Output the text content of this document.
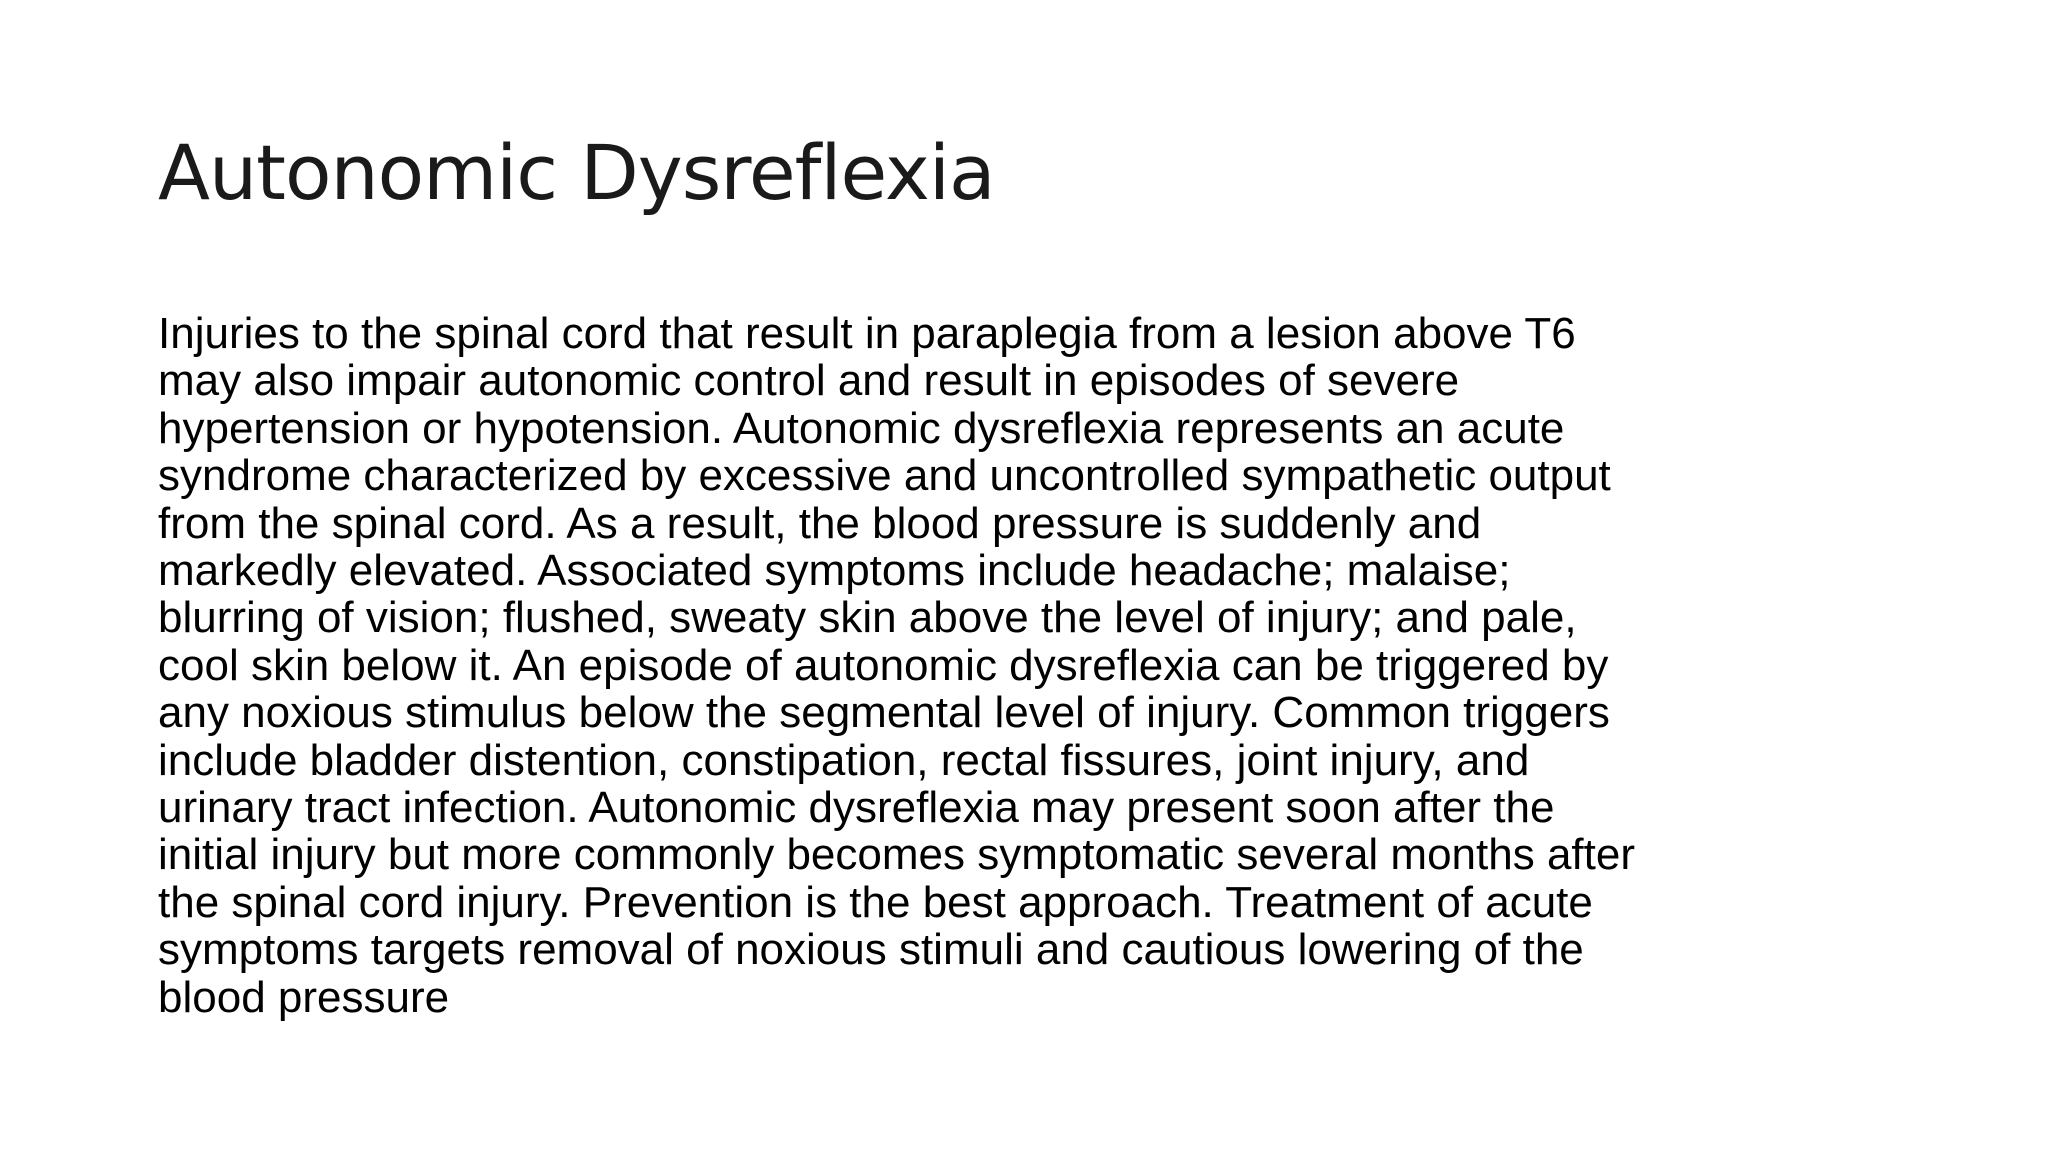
Autonomic Dysreflexia
Injuries to the spinal cord that result in paraplegia from a lesion above T6
may also impair autonomic control and result in episodes of severe
hypertension or hypotension. Autonomic dysreflexia represents an acute
syndrome characterized by excessive and uncontrolled sympathetic output
from the spinal cord. As a result, the blood pressure is suddenly and
markedly elevated. Associated symptoms include headache; malaise;
blurring of vision; flushed, sweaty skin above the level of injury; and pale,
cool skin below it. An episode of autonomic dysreflexia can be triggered by
any noxious stimulus below the segmental level of injury. Common triggers
include bladder distention, constipation, rectal fissures, joint injury, and
urinary tract infection. Autonomic dysreflexia may present soon after the
initial injury but more commonly becomes symptomatic several months after
the spinal cord injury. Prevention is the best approach. Treatment of acute
symptoms targets removal of noxious stimuli and cautious lowering of the
blood pressure
